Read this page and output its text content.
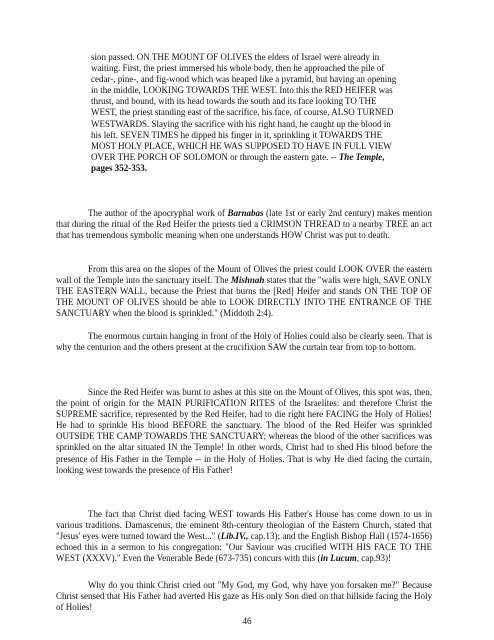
sion passed. ON THE MOUNT OF OLIVES the elders of Israel were already in waiting. First, the priest immersed his whole body, then he approached the pile of cedar-, pine-, and fig-wood which was heaped like a pyramid, but having an opening in the middle, LOOKING TOWARDS THE WEST. Into this the RED HEIFER was thrust, and bound, with its head towards the south and its face looking TO THE WEST, the priest standing east of the sacrifice, his face, of course, ALSO TURNED WESTWARDS. Slaying the sacrifice with his right hand, he caught up the blood in his left. SEVEN TIMES he dipped his finger in it, sprinkling it TOWARDS THE MOST HOLY PLACE, WHICH HE WAS SUPPOSED TO HAVE IN FULL VIEW OVER THE PORCH OF SOLOMON or through the eastern gate. -- The Temple, pages 352-353.
The author of the apocryphal work of Barnabas (late 1st or early 2nd century) makes mention that during the ritual of the Red Heifer the priests tied a CRIMSON THREAD to a nearby TREE an act that has tremendous symbolic meaning when one understands HOW Christ was put to death.
From this area on the slopes of the Mount of Olives the priest could LOOK OVER the eastern wall of the Temple into the sanctuary itself. The Mishnah states that the "walls were high, SAVE ONLY THE EASTERN WALL, because the Priest that burns the [Red] Heifer and stands ON THE TOP OF THE MOUNT OF OLIVES should be able to LOOK DIRECTLY INTO THE ENTRANCE OF THE SANCTUARY when the blood is sprinkled." (Middoth 2:4).
The enormous curtain hanging in front of the Holy of Holies could also be clearly seen. That is why the centurion and the others present at the crucifixion SAW the curtain tear from top to bottom.
Since the Red Heifer was burnt to ashes at this site on the Mount of Olives, this spot was, then, the point of origin for the MAIN PURIFICATION RITES of the Israelites: and therefore Christ the SUPREME sacrifice, represented by the Red Heifer, had to die right here FACING the Holy of Holies! He had to sprinkle His blood BEFORE the sanctuary. The blood of the Red Heifer was sprinkled OUTSIDE THE CAMP TOWARDS THE SANCTUARY; whereas the blood of the other sacrifices was sprinkled on the altar situated IN the Temple! In other words, Christ had to shed His blood before the presence of His Father in the Temple -- in the Holy of Holies. That is why He died facing the curtain, looking west towards the presence of His Father!
The fact that Christ died facing WEST towards His Father's House has come down to us in various traditions. Damascenus, the eminent 8th-century theologian of the Eastern Church, stated that "Jesus' eyes were turned toward the West..." (Lib.IV., cap.13); and the English Bishop Hall (1574-1656) echoed this in a sermon to his congregation: "Our Saviour was crucified WITH HIS FACE TO THE WEST (XXXV)." Even the Venerable Bede (673-735) concurs with this (in Lucum, cap.93)!
Why do you think Christ cried out "My God, my God, why have you forsaken me?" Because Christ sensed that His Father had averted His gaze as His only Son died on that hillside facing the Holy of Holies!
46
